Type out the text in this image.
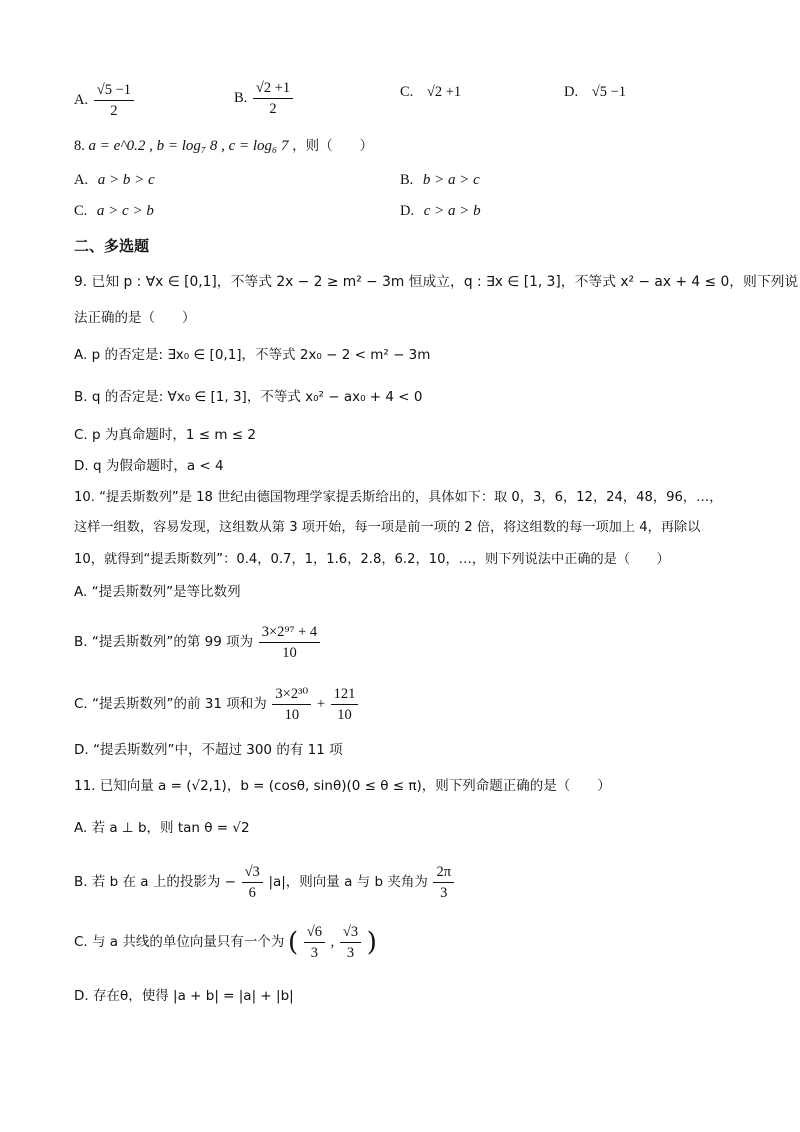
A. $\frac{√5 -1}{2}$	B. $\frac{√2 +1}{2}$	C. √2 +1	D. √5 −1
8. a = e^0.2 , b = log₇ 8 , c = log₆ 7 ，则（　　）
A. a > b > c	B. b > a > c
C. a > c > b	D. c > a > b
二、多选题
9. 已知 p : ∀x ∈ [0,1]，不等式 2x − 2 ≥ m² − 3m 恒成立，q : ∃x ∈ [1, 3]，不等式 x² − ax + 4 ≤ 0，则下列说
法正确的是（　　）
A. p 的否定是: ∃x₀ ∈ [0,1]，不等式 2x₀ − 2 < m² − 3m
B. q 的否定是: ∀x₀ ∈ [1, 3]，不等式 x₀² − ax₀ + 4 < 0
C. p 为真命题时，1 ≤ m ≤ 2
D. q 为假命题时，a < 4
10. “提丢斯数列”是 18 世纪由德国物理学家提丢斯给出的，具体如下：取 0，3，6，12，24，48，96，…，
这样一组数，容易发现，这组数从第 3 项开始，每一项是前一项的 2 倍，将这组数的每一项加上 4，再除以
10，就得到“提丢斯数列”：0.4，0.7，1，1.6，2.8，6.2，10，…，则下列说法中正确的是（　　）
A. “提丢斯数列”是等比数列
B. “提丢斯数列”的第 99 项为 $\frac{\text{3×2⁹⁷ + 4}}{10}$
C. “提丢斯数列”的前 31 项和为 $\frac{\text{3×2³⁰}}{10} + \frac{121}{10}$
D. “提丢斯数列”中，不超过 300 的有 11 项
11. 已知向量 a = (√2,1)，b = (cosθ, sinθ)(0 ≤ θ ≤ π)，则下列命题正确的是（　　）
A. 若 a ⊥ b，则 tan θ = √2
B. 若 b 在 a 上的投影为 − $\frac{√3}{6} |a|$，则向量 a 与 b 夹角为 $\frac{2\pi}{3}$
C. 与 a 共线的单位向量只有一个为 ( $\frac{√6}{3}$ , $\frac{√3}{3}$ )
D. 存在θ，使得 |a + b| = |a| + |b|
